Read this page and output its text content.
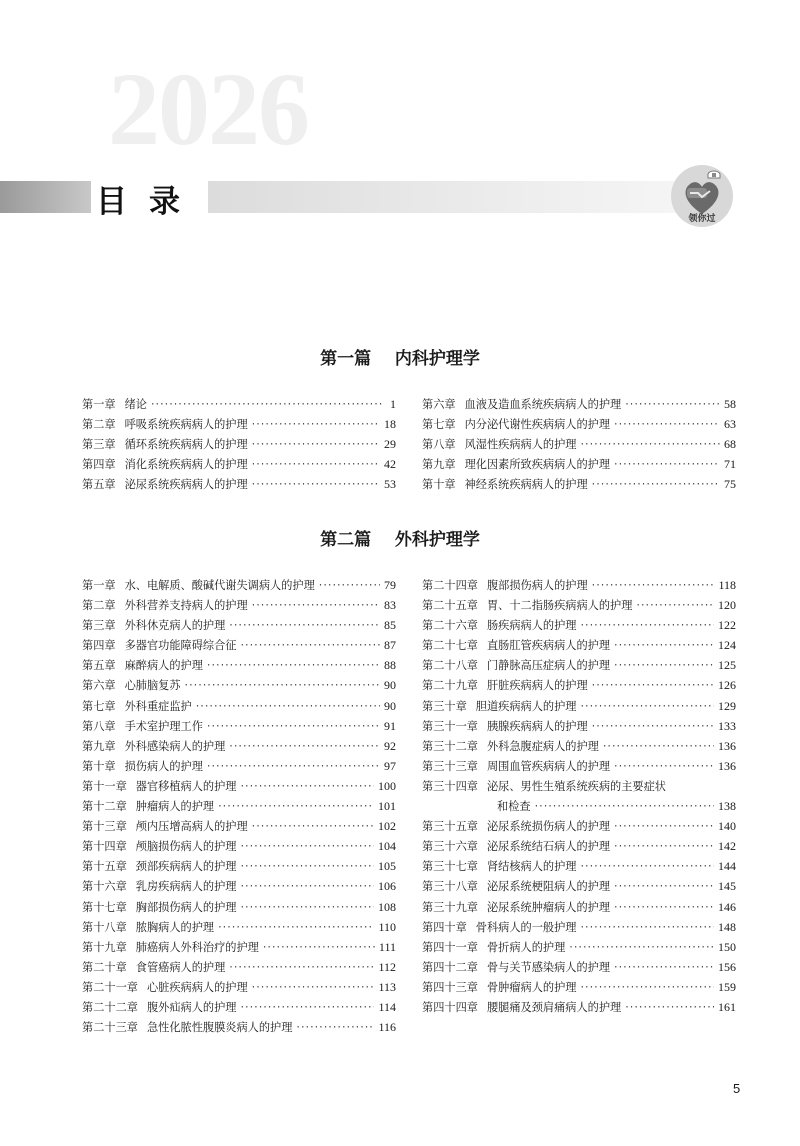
2026
目录	领你过
第一篇    内科护理学
第一章 绪论 ·····	1
第二章 呼吸系统疾病病人的护理 ·····	18
第三章 循环系统疾病病人的护理 ·····	29
第四章 消化系统疾病病人的护理 ·····	42
第五章 泌尿系统疾病病人的护理 ·····	53
第六章 血液及造血系统疾病病人的护理 ·····	58
第七章 内分泌代谢性疾病病人的护理 ·····	63
第八章 风湿性疾病病人的护理 ·····	68
第九章 理化因素所致疾病病人的护理 ·····	71
第十章 神经系统疾病病人的护理 ·····	75
第二篇    外科护理学
第一章 水、电解质、酸碱代谢失调病人的护理 ·····	79
第二章 外科营养支持病人的护理 ·····	83
第三章 外科休克病人的护理 ·····	85
第四章 多器官功能障碍综合征 ·····	87
第五章 麻醉病人的护理 ·····	88
第六章 心肺脑复苏 ·····	90
第七章 外科重症监护 ·····	90
第八章 手术室护理工作 ·····	91
第九章 外科感染病人的护理 ·····	92
第十章 损伤病人的护理 ·····	97
第十一章 器官移植病人的护理 ·····	100
第十二章 肿瘤病人的护理 ·····	101
第十三章 颅内压增高病人的护理 ·····	102
第十四章 颅脑损伤病人的护理 ·····	104
第十五章 颈部疾病病人的护理 ·····	105
第十六章 乳房疾病病人的护理 ·····	106
第十七章 胸部损伤病人的护理 ·····	108
第十八章 脓胸病人的护理 ·····	110
第十九章 肺癌病人外科治疗的护理 ·····	111
第二十章 食管癌病人的护理 ·····	112
第二十一章 心脏疾病病人的护理 ·····	113
第二十二章 腹外疝病人的护理 ·····	114
第二十三章 急性化脓性腹膜炎病人的护理 ·····	116
第二十四章 腹部损伤病人的护理 ·····	118
第二十五章 胃、十二指肠疾病病人的护理 ·····	120
第二十六章 肠疾病病人的护理 ·····	122
第二十七章 直肠肛管疾病病人的护理 ·····	124
第二十八章 门静脉高压症病人的护理 ·····	125
第二十九章 肝脏疾病病人的护理 ·····	126
第三十章 胆道疾病病人的护理 ·····	129
第三十一章 胰腺疾病病人的护理 ·····	133
第三十二章 外科急腹症病人的护理 ·····	136
第三十三章 周围血管疾病病人的护理 ·····	136
第三十四章 泌尿、男性生殖系统疾病的主要症状
和检查 ·····	138
第三十五章 泌尿系统损伤病人的护理 ·····	140
第三十六章 泌尿系统结石病人的护理 ·····	142
第三十七章 肾结核病人的护理 ·····	144
第三十八章 泌尿系统梗阻病人的护理 ·····	145
第三十九章 泌尿系统肿瘤病人的护理 ·····	146
第四十章 骨科病人的一般护理 ·····	148
第四十一章 骨折病人的护理 ·····	150
第四十二章 骨与关节感染病人的护理 ·····	156
第四十三章 骨肿瘤病人的护理 ·····	159
第四十四章 腰腿痛及颈肩痛病人的护理 ·····	161
5
